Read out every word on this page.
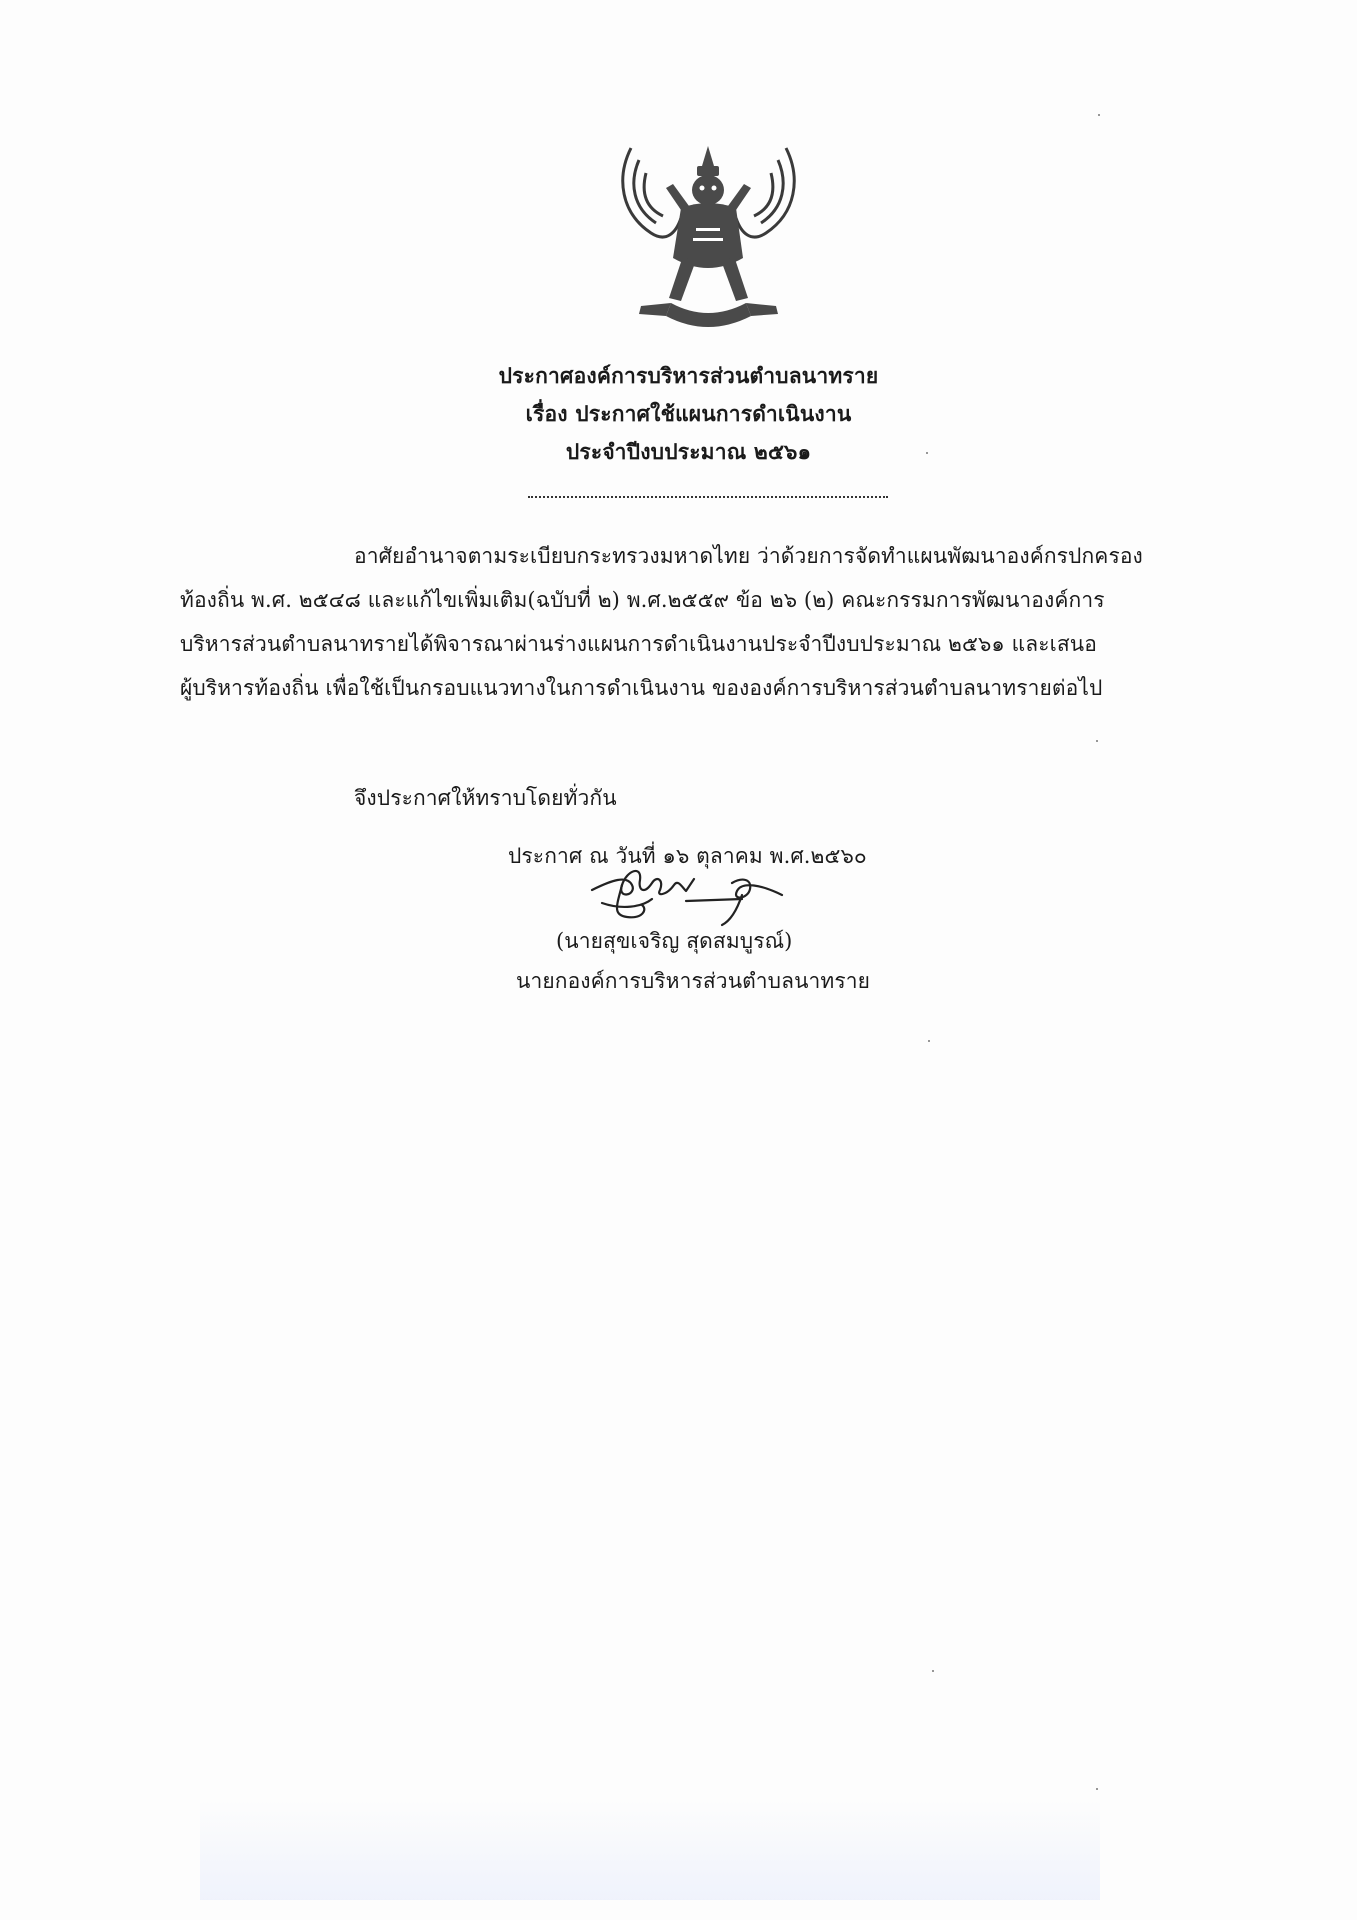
ประกาศองค์การบริหารส่วนตำบลนาทราย
เรื่อง ประกาศใช้แผนการดำเนินงาน
ประจำปีงบประมาณ ๒๕๖๑
อาศัยอำนาจตามระเบียบกระทรวงมหาดไทย ว่าด้วยการจัดทำแผนพัฒนาองค์กรปกครอง
ท้องถิ่น พ.ศ. ๒๕๔๘ และแก้ไขเพิ่มเติม(ฉบับที่ ๒) พ.ศ.๒๕๕๙ ข้อ ๒๖ (๒) คณะกรรมการพัฒนาองค์การ
บริหารส่วนตำบลนาทรายได้พิจารณาผ่านร่างแผนการดำเนินงานประจำปีงบประมาณ ๒๕๖๑ และเสนอ
ผู้บริหารท้องถิ่น เพื่อใช้เป็นกรอบแนวทางในการดำเนินงาน ขององค์การบริหารส่วนตำบลนาทรายต่อไป
จึงประกาศให้ทราบโดยทั่วกัน
ประกาศ ณ วันที่ ๑๖ ตุลาคม พ.ศ.๒๕๖๐
(นายสุขเจริญ สุดสมบูรณ์)
นายกองค์การบริหารส่วนตำบลนาทราย
